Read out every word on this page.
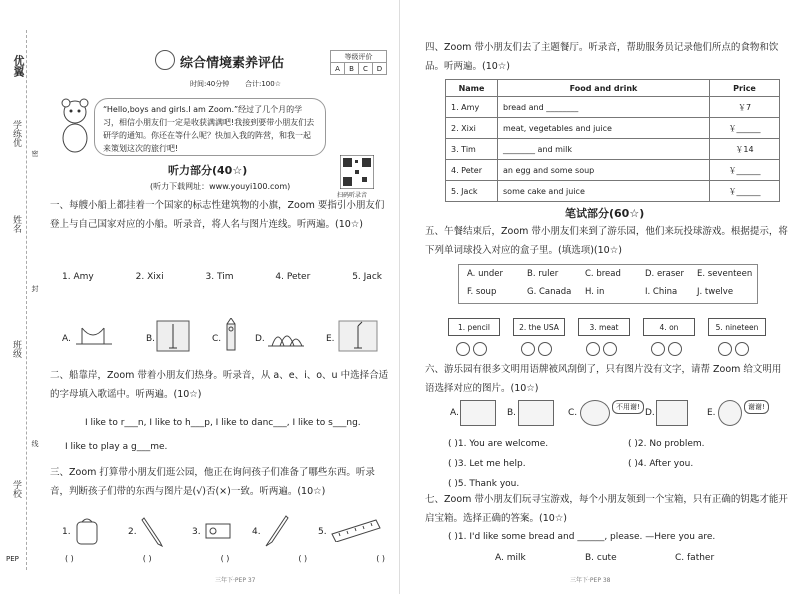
优翼
学练优
姓名
班级
学校
密
封
线
PEP
综合情境素养评估
时间:40分钟 合计:100☆
等级评价
A	B	C	D
“Hello,boys and girls.I am Zoom.”经过了几个月的学习，相信小朋友们一定是收获满满吧!我接到要带小朋友们去研学的通知。你还在等什么呢？快加入我的阵营，和我一起来策划这次的旅行吧!
扫码听录音
听力部分(40☆)
(听力下载网址：www.youyi100.com)
一、每艘小船上都挂着一个国家的标志性建筑物的小旗，Zoom 要指引小朋友们登上与自己国家对应的小船。听录音，将人名与图片连线。听两遍。(10☆)
1. Amy	2. Xixi	3. Tim	4. Peter	5. Jack
A.	B.	C.	D.	E.
二、船靠岸，Zoom 带着小朋友们热身。听录音，从 a、e、i、o、u 中选择合适的字母填入歌谣中。听两遍。(10☆)
I like to r___n, I like to h___p, I like to danc___, I like to s___ng.
I like to play a g___me.
三、Zoom 打算带小朋友们逛公园，他正在询问孩子们准备了哪些东西。听录音，判断孩子们带的东西与图片是(√)否(×)一致。听两遍。(10☆)
1.	2.	3.	4.	5.
( )	( )	( )	( )	( )
三年下·PEP 37
四、Zoom 带小朋友们去了主题餐厅。听录音，帮助服务员记录他们所点的食物和饮品。听两遍。(10☆)
Name	Food and drink	Price
1. Amy	bread and ________	￥7
2. Xixi	meat, vegetables and juice	￥______
3. Tim	________ and milk	￥14
4. Peter	an egg and some soup	￥______
5. Jack	some cake and juice	￥______
笔试部分(60☆)
五、午餐结束后，Zoom 带小朋友们来到了游乐园，他们来玩投球游戏。根据提示，将下列单词球投入对应的盒子里。(填选项)(10☆)
A. under	B. ruler	C. bread	D. eraser E. seventeen
F. soup	G. Canada H. in	I. China J. twelve
1. pencil	2. the USA	3. meat	4. on	5. nineteen
六、游乐园有很多文明用语牌被风刮倒了，只有图片没有文字，请帮 Zoom 给文明用语选择对应的图片。(10☆)
A.	B.	C.
不用谢!
D.	E.
谢谢!
( )1. You are welcome.	( )2. No problem.
( )3. Let me help.	( )4. After you.
( )5. Thank you.
七、Zoom 带小朋友们玩寻宝游戏，每个小朋友领到一个宝箱，只有正确的钥匙才能开启宝箱。选择正确的答案。(10☆)
( )1. I'd like some bread and ______, please. —Here you are.
A. milk	B. cute	C. father
三年下·PEP 38
